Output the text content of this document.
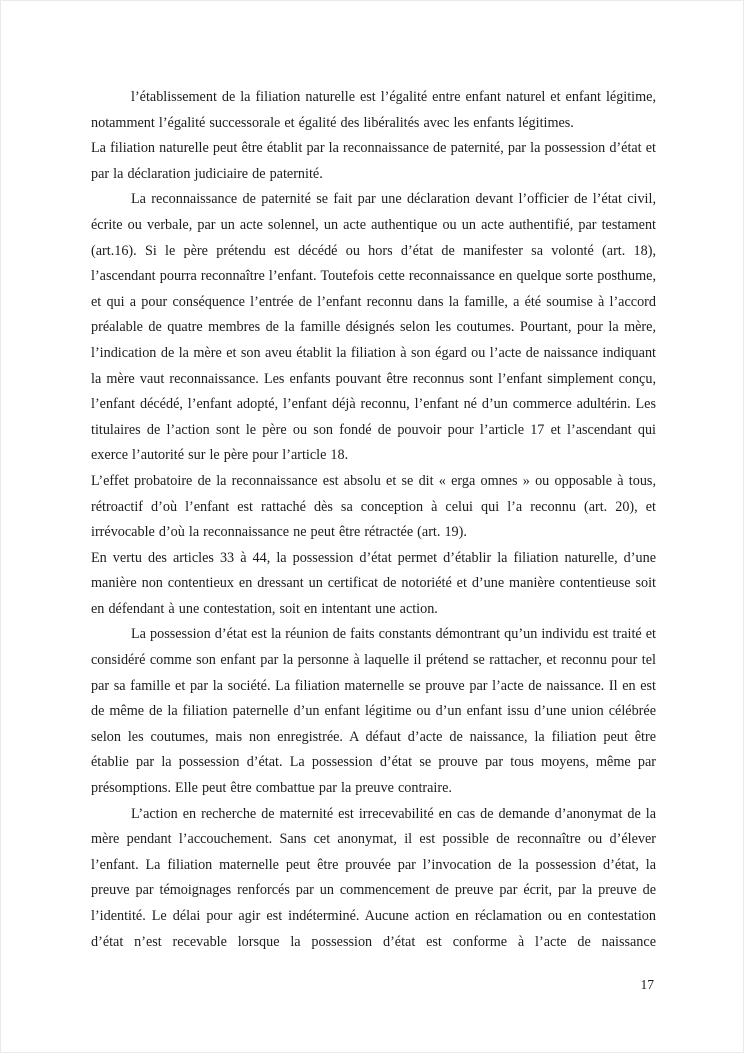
l’établissement de la filiation naturelle est l’égalité entre enfant naturel et enfant légitime, notamment l’égalité successorale et égalité des libéralités avec les enfants légitimes.

La filiation naturelle peut être établit par la reconnaissance de paternité, par la possession d’état et par la déclaration judiciaire de paternité.

La reconnaissance de paternité se fait par une déclaration devant l’officier de l’état civil, écrite ou verbale, par un acte solennel, un acte authentique ou un acte authentifié, par testament (art.16). Si le père prétendu est décédé ou hors d’état de manifester sa volonté (art. 18), l’ascendant pourra reconnaître l’enfant. Toutefois cette reconnaissance en quelque sorte posthume, et qui a pour conséquence l’entrée de l’enfant reconnu dans la famille, a été soumise à l’accord préalable de quatre membres de la famille désignés selon les coutumes. Pourtant, pour la mère, l’indication de la mère et son aveu établit la filiation à son égard ou l’acte de naissance indiquant la mère vaut reconnaissance. Les enfants pouvant être reconnus sont l’enfant simplement conçu, l’enfant décédé, l’enfant adopté, l’enfant déjà reconnu, l’enfant né d’un commerce adultérin. Les titulaires de l’action sont le père ou son fondé de pouvoir pour l’article 17 et l’ascendant qui exerce l’autorité sur le père pour l’article 18.

L’effet probatoire de la reconnaissance est absolu et se dit « erga omnes » ou opposable à tous, rétroactif d’où l’enfant est rattaché dès sa conception à celui qui l’a reconnu (art. 20), et irrévocable d’où la reconnaissance ne peut être rétractée (art. 19).

En vertu des articles 33 à 44, la possession d’état permet d’établir la filiation naturelle, d’une manière non contentieux en dressant un certificat de notoriété et d’une manière contentieuse soit en défendant à une contestation, soit en intentant une action.

La possession d’état est la réunion de faits constants démontrant qu’un individu est traité et considéré comme son enfant par la personne à laquelle il prétend se rattacher, et reconnu pour tel par sa famille et par la société. La filiation maternelle se prouve par l’acte de naissance. Il en est de même de la filiation paternelle d’un enfant légitime ou d’un enfant issu d’une union célébrée selon les coutumes, mais non enregistrée. A défaut d’acte de naissance, la filiation peut être établie par la possession d’état. La possession d’état se prouve par tous moyens, même par présomptions. Elle peut être combattue par la preuve contraire.

L’action en recherche de maternité est irrecevabilité en cas de demande d’anonymat de la mère pendant l’accouchement. Sans cet anonymat, il est possible de reconnaître ou d’élever l’enfant. La filiation maternelle peut être prouvée par l’invocation de la possession d’état, la preuve par témoignages renforcés par un commencement de preuve par écrit, par la preuve de l’identité. Le délai pour agir est indéterminé. Aucune action en réclamation ou en contestation d’état n’est recevable lorsque la possession d’état est conforme à l’acte de naissance

17
